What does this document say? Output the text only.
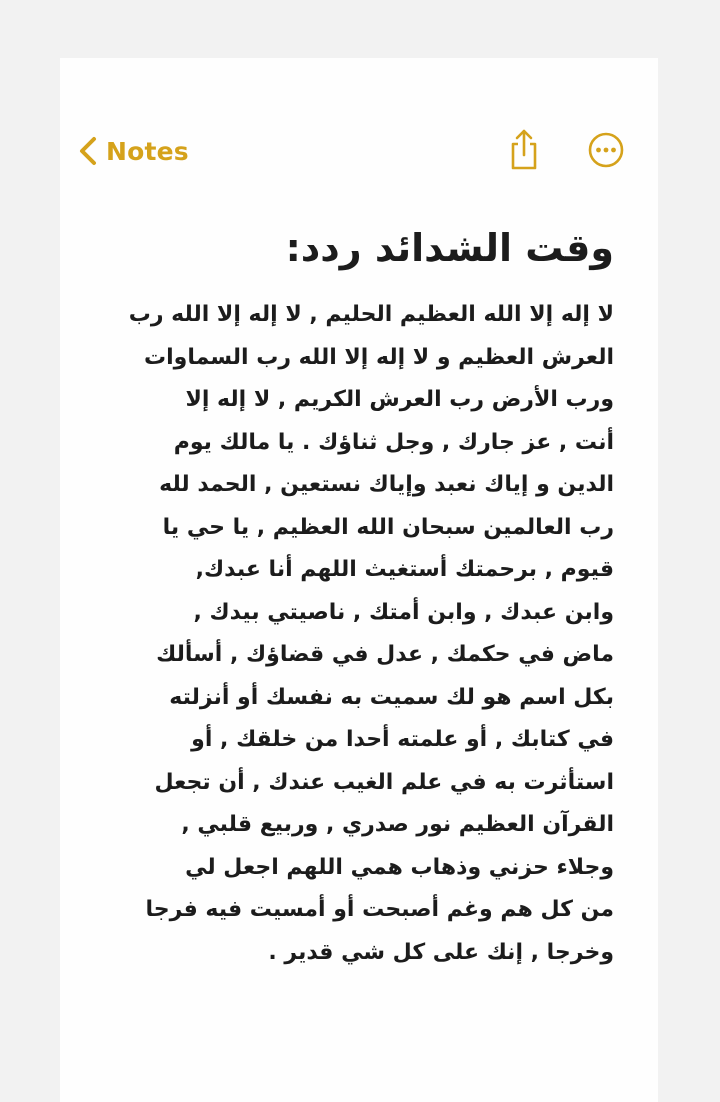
Notes
وقت الشدائد ردد:
لا إله إلا الله العظيم الحليم , لا إله إلا الله رب
العرش العظيم و لا إله إلا الله رب السماوات
ورب الأرض رب العرش الكريم , لا إله إلا
أنت , عز جارك , وجل ثناؤك . يا مالك يوم
الدين و إياك نعبد وإياك نستعين , الحمد لله
رب العالمين سبحان الله العظيم , يا حي يا
قيوم , برحمتك أستغيث اللهم أنا عبدك,
وابن عبدك , وابن أمتك , ناصيتي بيدك ,
ماض في حكمك , عدل في قضاؤك , أسألك
بكل اسم هو لك سميت به نفسك أو أنزلته
في كتابك , أو علمته أحدا من خلقك , أو
استأثرت به في علم الغيب عندك , أن تجعل
القرآن العظيم نور صدري , وربيع قلبي ,
وجلاء حزني وذهاب همي اللهم اجعل لي
من كل هم وغم أصبحت أو أمسيت فيه فرجا
وخرجا , إنك على كل شي قدير .
